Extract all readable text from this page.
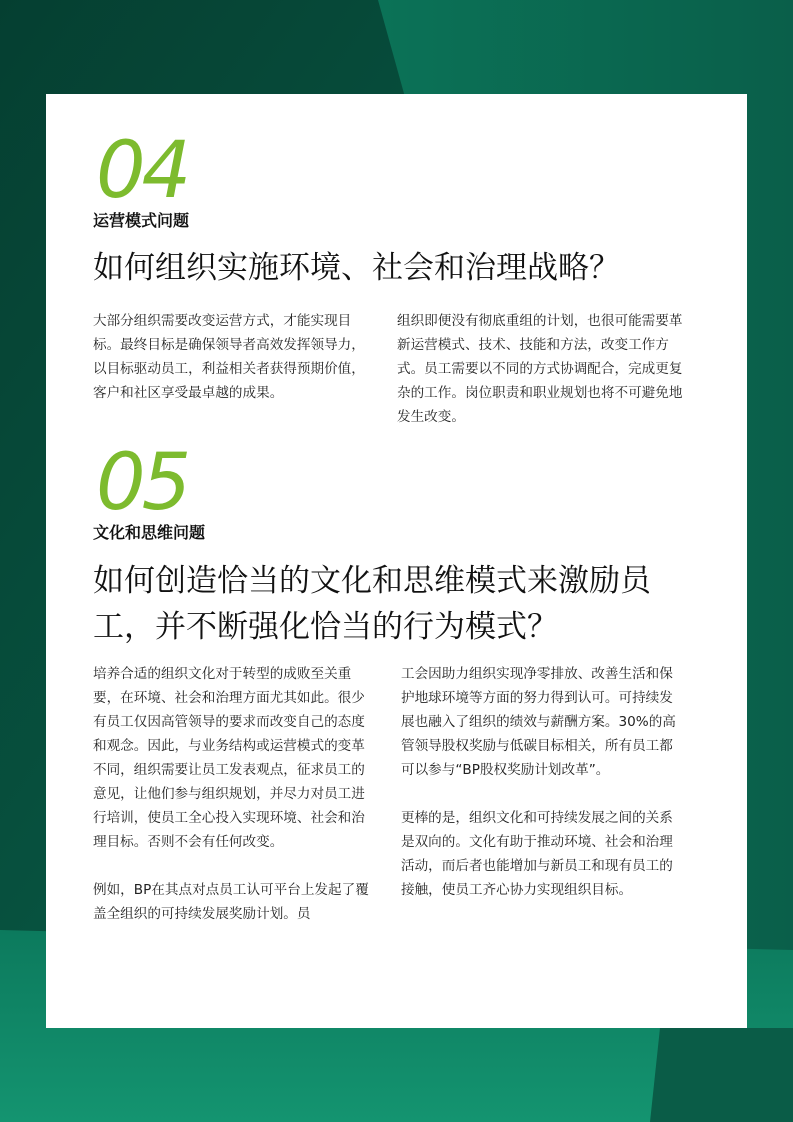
04
运营模式问题
如何组织实施环境、社会和治理战略？

大部分组织需要改变运营方式，才能实现目标。最终目标是确保领导者高效发挥领导力，以目标驱动员工，利益相关者获得预期价值，客户和社区享受最卓越的成果。

组织即便没有彻底重组的计划，也很可能需要革新运营模式、技术、技能和方法，改变工作方式。员工需要以不同的方式协调配合，完成更复杂的工作。岗位职责和职业规划也将不可避免地发生改变。

05
文化和思维问题
如何创造恰当的文化和思维模式来激励员工，并不断强化恰当的行为模式？

培养合适的组织文化对于转型的成败至关重要，在环境、社会和治理方面尤其如此。很少有员工仅因高管领导的要求而改变自己的态度和观念。因此，与业务结构或运营模式的变革不同，组织需要让员工发表观点，征求员工的意见，让他们参与组织规划，并尽力对员工进行培训，使员工全心投入实现环境、社会和治理目标。否则不会有任何改变。

例如，BP在其点对点员工认可平台上发起了覆盖全组织的可持续发展奖励计划。员

工会因助力组织实现净零排放、改善生活和保护地球环境等方面的努力得到认可。可持续发展也融入了组织的绩效与薪酬方案。30%的高管领导股权奖励与低碳目标相关，所有员工都可以参与“BP股权奖励计划改革”。

更棒的是，组织文化和可持续发展之间的关系是双向的。文化有助于推动环境、社会和治理活动，而后者也能增加与新员工和现有员工的接触，使员工齐心协力实现组织目标。
